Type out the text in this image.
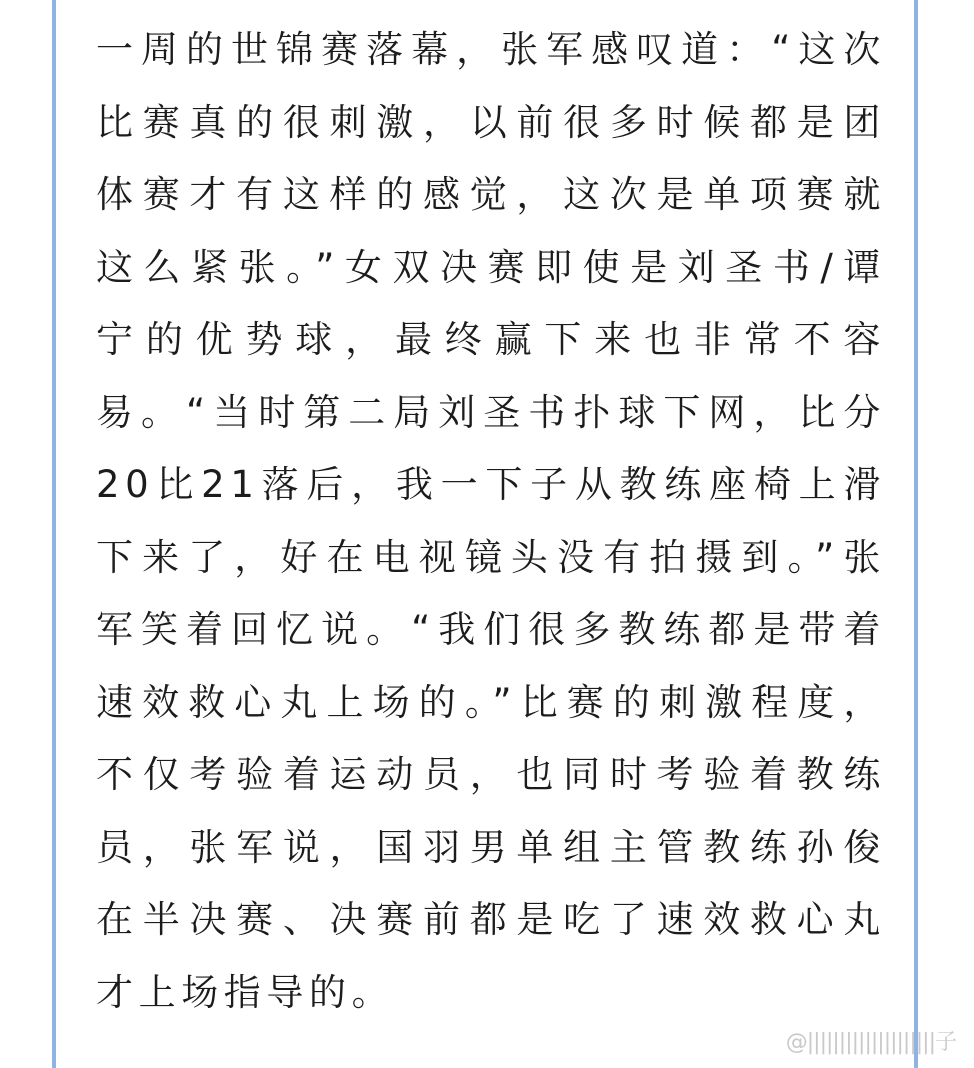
一周的世锦赛落幕，张军感叹道：“这次
比赛真的很刺激，以前很多时候都是团
体赛才有这样的感觉，这次是单项赛就
这么紧张。”女双决赛即使是刘圣书/谭
宁的优势球，最终赢下来也非常不容
易。“当时第二局刘圣书扑球下网，比分
20比21落后，我一下子从教练座椅上滑
下来了，好在电视镜头没有拍摄到。”张
军笑着回忆说。“我们很多教练都是带着
速效救心丸上场的。”比赛的刺激程度，
不仅考验着运动员，也同时考验着教练
员，张军说，国羽男单组主管教练孙俊
在半决赛、决赛前都是吃了速效救心丸
才上场指导的。
@||||||||||||||||||||子
